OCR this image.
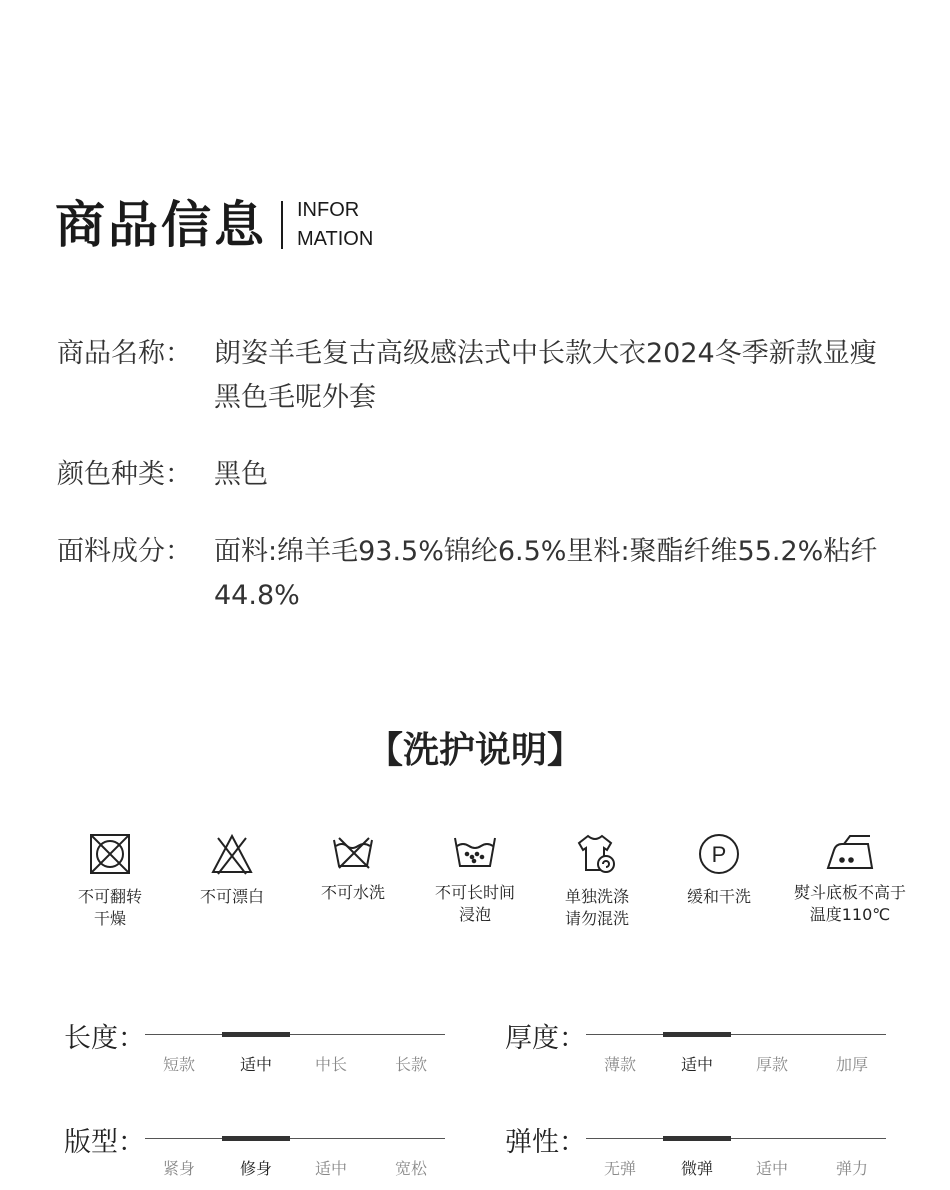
商品信息 INFOR
MATION
商品名称： 朗姿羊毛复古高级感法式中长款大衣2024冬季新款显瘦黑色毛呢外套
颜色种类： 黑色
面料成分： 面料:绵羊毛93.5%锦纶6.5%里料:聚酯纤维55.2%粘纤44.8%
【洗护说明】
不可翻转
干燥
不可漂白	不可水洗	不可长时间
浸泡
单独洗涤
请勿混洗
P
缓和干洗	熨斗底板不高于
温度110℃
长度：
短款	适中	中长	长款
厚度：
薄款	适中	厚款	加厚
版型：
紧身	修身	适中	宽松
弹性：
无弹	微弹	适中	弹力
